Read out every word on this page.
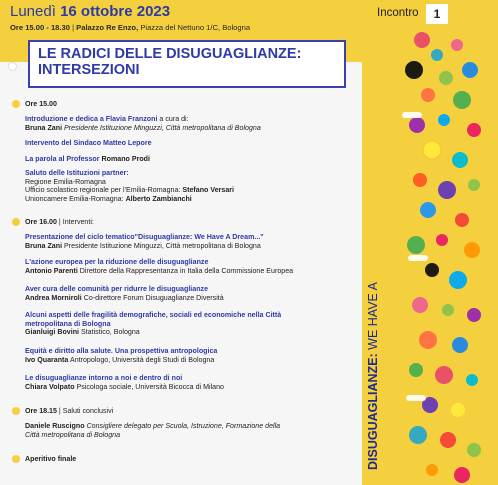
Lunedì 16 ottobre 2023
Ore 15.00 - 18.30 | Palazzo Re Enzo, Piazza del Nettuno 1/C, Bologna
LE RADICI DELLE DISUGUAGLIANZE:
INTERSEZIONI
Ore 15.00
Introduzione e dedica a Flavia Franzoni a cura di:
Bruna Zani Presidente Istituzione Minguzzi, Città metropolitana di Bologna
Intervento del Sindaco Matteo Lepore
La parola al Professor Romano Prodi
Saluto delle Istituzioni partner:
Regione Emilia-Romagna
Ufficio scolastico regionale per l'Emilia-Romagna: Stefano Versari
Unioncamere Emilia-Romagna: Alberto Zambianchi
Ore 16.00 | Interventi:
Presentazione del ciclo tematico"Disuguaglianze: We Have A Dream..."
Bruna Zani Presidente Istituzione Minguzzi, Città metropolitana di Bologna
L'azione europea per la riduzione delle disuguaglianze
Antonio Parenti Direttore della Rappresentanza in Italia della Commissione Europea
Aver cura delle comunità per ridurre le disuguaglianze
Andrea Morniroli Co-direttore Forum Disuguaglianze Diversità
Alcuni aspetti delle fragilità demografiche, sociali ed economiche nella Città
metropolitana di Bologna
Gianluigi Bovini Statistico, Bologna
Equità e diritto alla salute. Una prospettiva antropologica
Ivo Quaranta Antropologo, Università degli Studi di Bologna
Le disuguaglianze intorno a noi e dentro di noi
Chiara Volpato Psicologa sociale, Università Bicocca di Milano
Ore 18.15 | Saluti conclusivi
Daniele Ruscigno Consigliere delegato per Scuola, Istruzione, Formazione della
Città metropolitana di Bologna
Aperitivo finale
Incontro	1
DISUGUAGLIANZE: WE HAVE A
